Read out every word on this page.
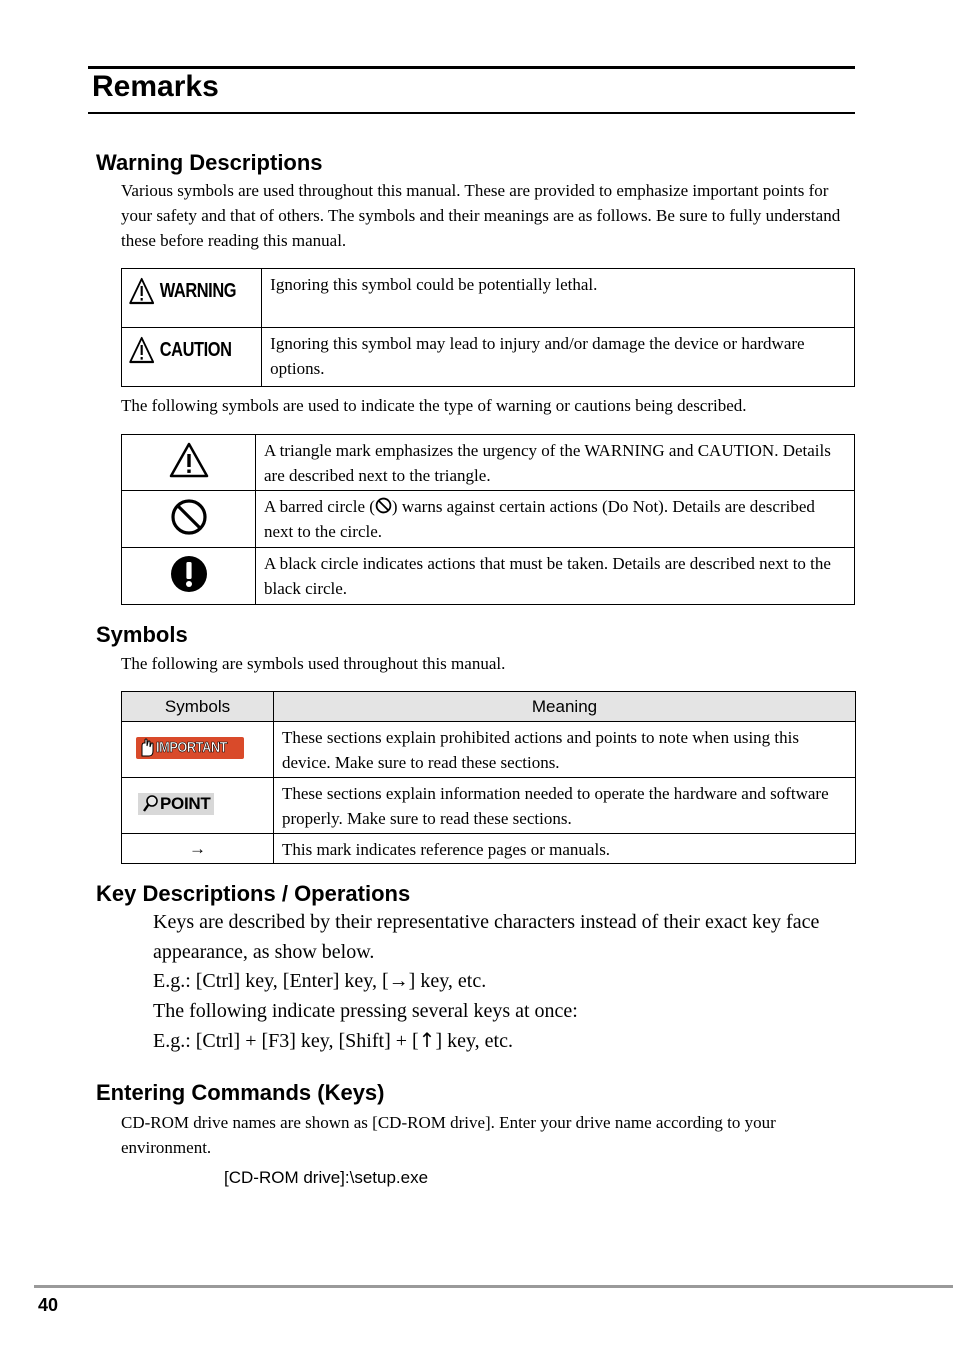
Remarks
Warning Descriptions

Various symbols are used throughout this manual. These are provided to emphasize important points for your safety and that of others. The symbols and their meanings are as follows. Be sure to fully understand these before reading this manual.

WARNING	Ignoring this symbol could be potentially lethal.

CAUTION	Ignoring this symbol may lead to injury and/or damage the device or hardware options.

The following symbols are used to indicate the type of warning or cautions being described.

	A triangle mark emphasizes the urgency of the WARNING and CAUTION. Details are described next to the triangle.
	A barred circle ( ) warns against certain actions (Do Not). Details are described next to the circle.
	A black circle indicates actions that must be taken. Details are described next to the black circle.
Symbols

The following are symbols used throughout this manual.

Symbols	Meaning

IMPORTANT	These sections explain prohibited actions and points to note when using this device. Make sure to read these sections.

POINT	These sections explain information needed to operate the hardware and software properly. Make sure to read these sections.
→	This mark indicates reference pages or manuals.
Key Descriptions / Operations
Keys are described by their representative characters instead of their exact key face appearance, as show below.
E.g.: [Ctrl] key, [Enter] key, [→] key, etc.
The following indicate pressing several keys at once:
E.g.: [Ctrl] + [F3] key, [Shift] + [↑] key, etc.
Entering Commands (Keys)

CD-ROM drive names are shown as [CD-ROM drive]. Enter your drive name according to your environment.

[CD-ROM drive]:\setup.exe
40
